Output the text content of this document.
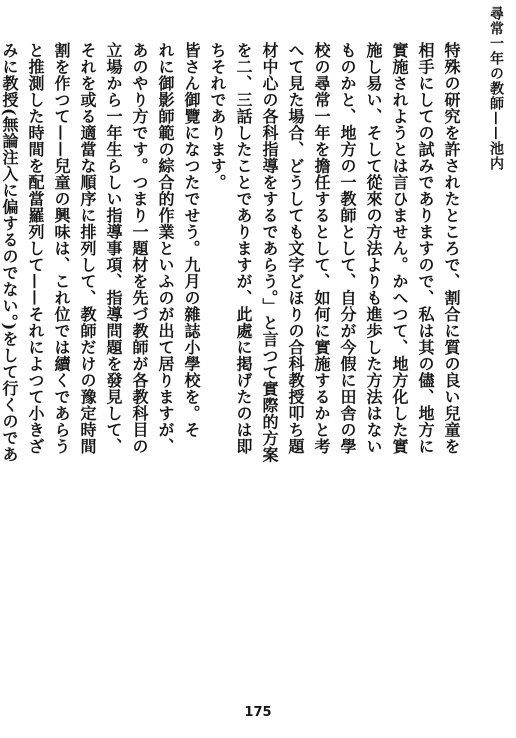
尋常一年の教師——池内
特殊の研究を許されたところで、割合に質の良い兒童を
相手にしての試みでありますので、私は其の儘、地方に
實施されようとは言ひません。かへつて、地方化した實
施し易い、そして從來の方法よりも進歩した方法はない
ものかと、地方の一教師として、自分が今假に田舎の學
校の尋常一年を擔任するとして、如何に實施するかと考
へて見た場合、どうしても文字どほりの合科教授叩ち題
材中心の各科指導をするであらう。」と言つて實際的方案
を二、三話したことでありますが、此處に掲げたのは即
ちそれであります。
皆さん御覽になつたでせう。九月の雜誌小學校を。そ
れに御影師範の綜合的作業といふのが出て居りますが、
あのやり方です。つまり一題材を先づ教師が各教科目の
立場から一年生らしい指導事項、指導問題を發見して、
それを或る適當な順序に排列して、教師だけの豫定時間
割を作つて——兒童の興味は、これ位では續くであらう
と推測した時間を配當羅列して——それによつて小きざ
みに教授(無論注入に偏するのでない。)をして行くのであ
175
